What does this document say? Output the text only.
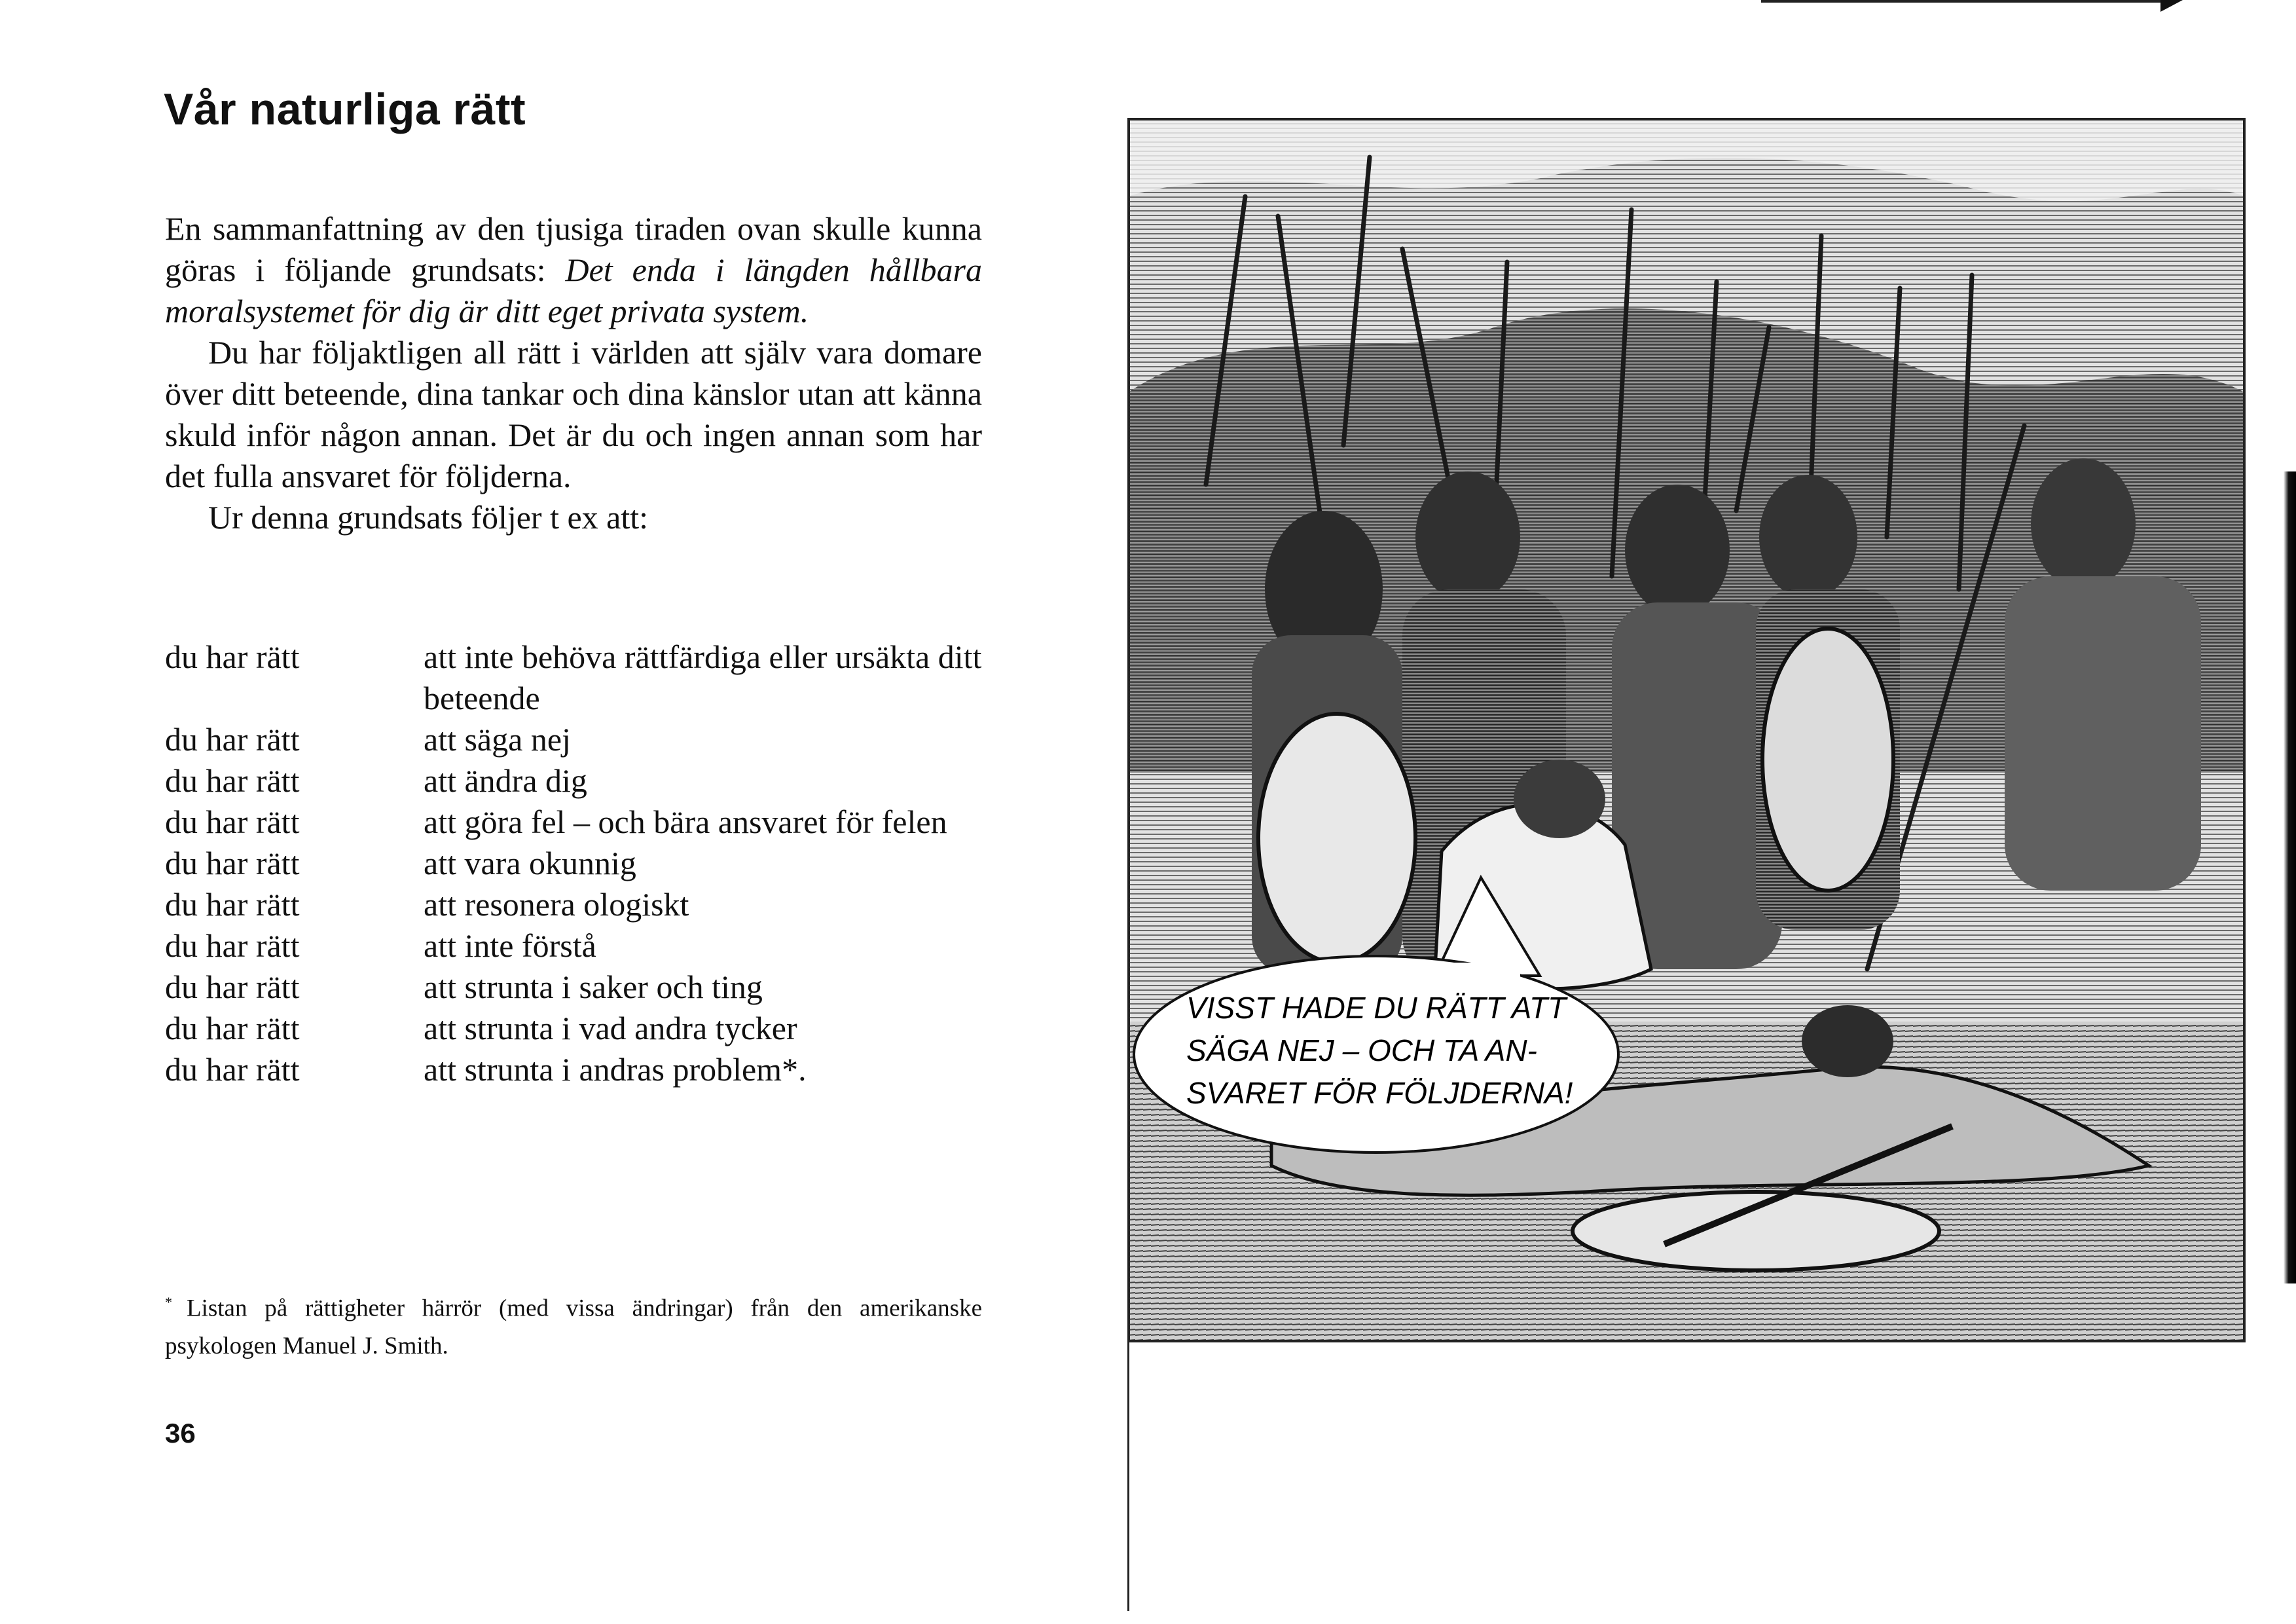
Vår naturliga rätt

En sammanfattning av den tjusiga tiraden ovan skulle kunna göras i följande grundsats: Det enda i längden hållbara moralsystemet för dig är ditt eget privata system.

Du har följaktligen all rätt i världen att själv vara domare över ditt beteende, dina tankar och dina känslor utan att känna skuld inför någon annan. Det är du och ingen annan som har det fulla ansvaret för följderna.

Ur denna grundsats följer t ex att:

du har rätt	att inte behöva rättfärdiga eller ursäkta ditt beteende
du har rätt	att säga nej
du har rätt	att ändra dig
du har rätt	att göra fel – och bära ansvaret för felen
du har rätt	att vara okunnig
du har rätt	att resonera ologiskt
du har rätt	att inte förstå
du har rätt	att strunta i saker och ting
du har rätt	att strunta i vad andra tycker
du har rätt	att strunta i andras problem*.
* Listan på rättigheter härrör (med vissa ändringar) från den amerikanske psykologen Manuel J. Smith.
36
VISST HADE DU RÄTT ATT
SÄGA NEJ – OCH TA AN-
SVARET FÖR FÖLJDERNA!
